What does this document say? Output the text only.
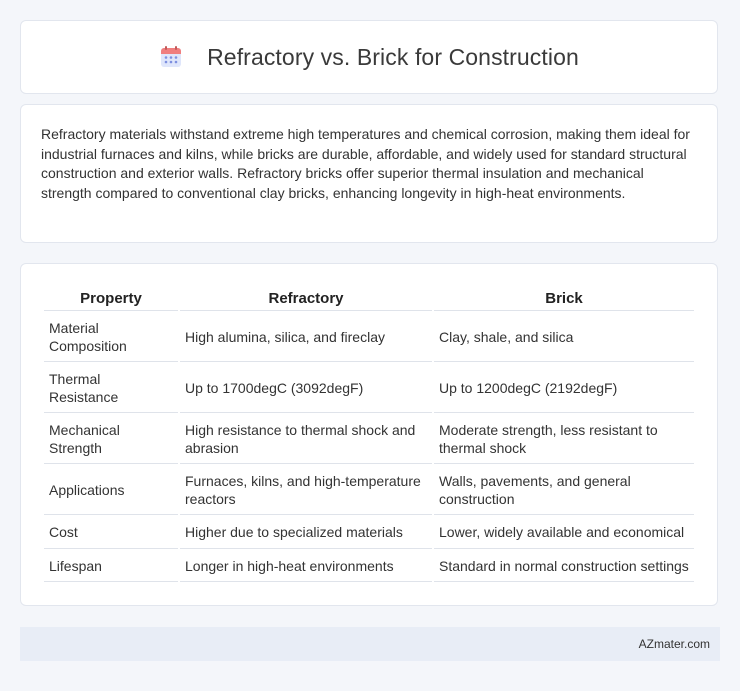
Refractory vs. Brick for Construction

Refractory materials withstand extreme high temperatures and chemical corrosion, making them ideal for industrial furnaces and kilns, while bricks are durable, affordable, and widely used for standard structural construction and exterior walls. Refractory bricks offer superior thermal insulation and mechanical strength compared to conventional clay bricks, enhancing longevity in high-heat environments.

Property	Refractory	Brick
Material Composition	High alumina, silica, and fireclay	Clay, shale, and silica
Thermal Resistance	Up to 1700degC (3092degF)	Up to 1200degC (2192degF)
Mechanical Strength	High resistance to thermal shock and abrasion	Moderate strength, less resistant to thermal shock
Applications	Furnaces, kilns, and high-temperature reactors	Walls, pavements, and general construction
Cost	Higher due to specialized materials	Lower, widely available and economical
Lifespan	Longer in high-heat environments	Standard in normal construction settings
AZmater.com
